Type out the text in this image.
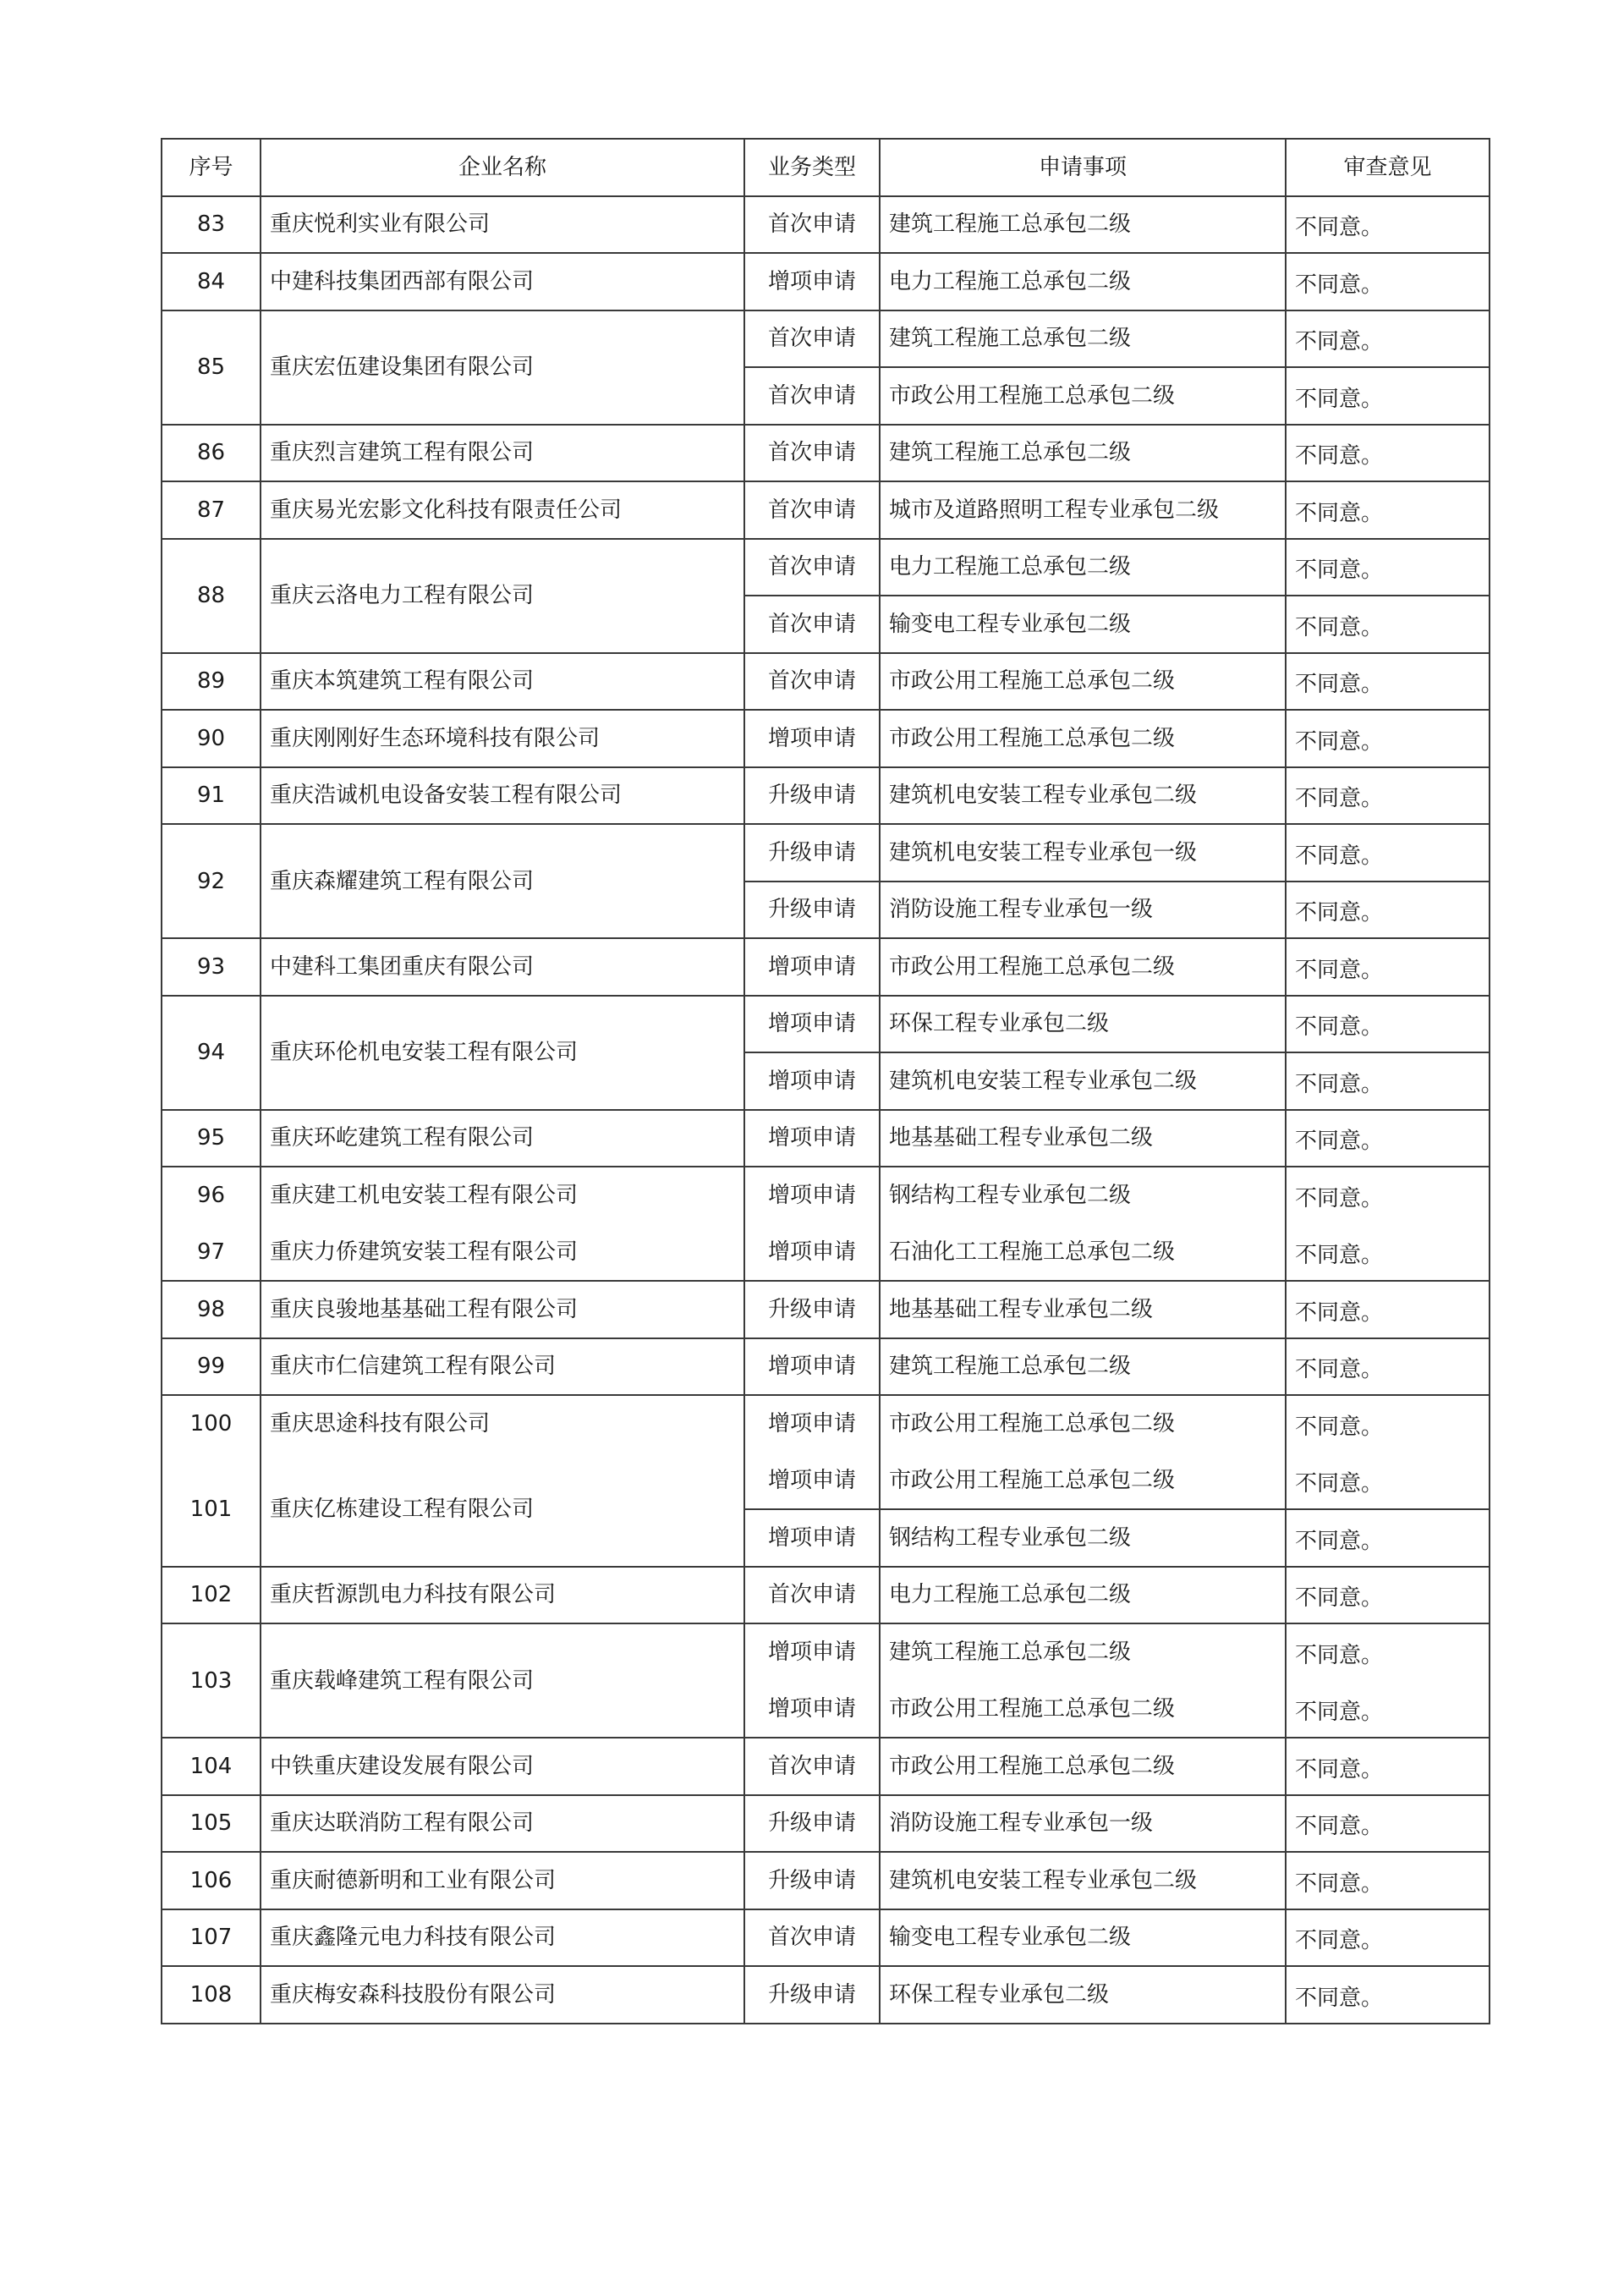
序号	企业名称	业务类型	申请事项	审查意见
83	重庆悦利实业有限公司	首次申请	建筑工程施工总承包二级	不同意。
84	中建科技集团西部有限公司	增项申请	电力工程施工总承包二级	不同意。
85	重庆宏伍建设集团有限公司	首次申请	建筑工程施工总承包二级	不同意。
		首次申请	市政公用工程施工总承包二级	不同意。
86	重庆烈言建筑工程有限公司	首次申请	建筑工程施工总承包二级	不同意。
87	重庆易光宏影文化科技有限责任公司	首次申请	城市及道路照明工程专业承包二级	不同意。
88	重庆云洛电力工程有限公司	首次申请	电力工程施工总承包二级	不同意。
		首次申请	输变电工程专业承包二级	不同意。
89	重庆本筑建筑工程有限公司	首次申请	市政公用工程施工总承包二级	不同意。
90	重庆刚刚好生态环境科技有限公司	增项申请	市政公用工程施工总承包二级	不同意。
91	重庆浩诚机电设备安装工程有限公司	升级申请	建筑机电安装工程专业承包二级	不同意。
92	重庆森耀建筑工程有限公司	升级申请	建筑机电安装工程专业承包一级	不同意。
		升级申请	消防设施工程专业承包一级	不同意。
93	中建科工集团重庆有限公司	增项申请	市政公用工程施工总承包二级	不同意。
94	重庆环伦机电安装工程有限公司	增项申请	环保工程专业承包二级	不同意。
		增项申请	建筑机电安装工程专业承包二级	不同意。
95	重庆环屹建筑工程有限公司	增项申请	地基基础工程专业承包二级	不同意。
96	重庆建工机电安装工程有限公司	增项申请	钢结构工程专业承包二级	不同意。
97	重庆力侨建筑安装工程有限公司	增项申请	石油化工工程施工总承包二级	不同意。
98	重庆良骏地基基础工程有限公司	升级申请	地基基础工程专业承包二级	不同意。
99	重庆市仁信建筑工程有限公司	增项申请	建筑工程施工总承包二级	不同意。
100	重庆思途科技有限公司	增项申请	市政公用工程施工总承包二级	不同意。
101	重庆亿栋建设工程有限公司	增项申请	市政公用工程施工总承包二级	不同意。
		增项申请	钢结构工程专业承包二级	不同意。
102	重庆哲源凯电力科技有限公司	首次申请	电力工程施工总承包二级	不同意。
103	重庆载峰建筑工程有限公司	增项申请	建筑工程施工总承包二级	不同意。
		增项申请	市政公用工程施工总承包二级	不同意。
104	中铁重庆建设发展有限公司	首次申请	市政公用工程施工总承包二级	不同意。
105	重庆达联消防工程有限公司	升级申请	消防设施工程专业承包一级	不同意。
106	重庆耐德新明和工业有限公司	升级申请	建筑机电安装工程专业承包二级	不同意。
107	重庆鑫隆元电力科技有限公司	首次申请	输变电工程专业承包二级	不同意。
108	重庆梅安森科技股份有限公司	升级申请	环保工程专业承包二级	不同意。
